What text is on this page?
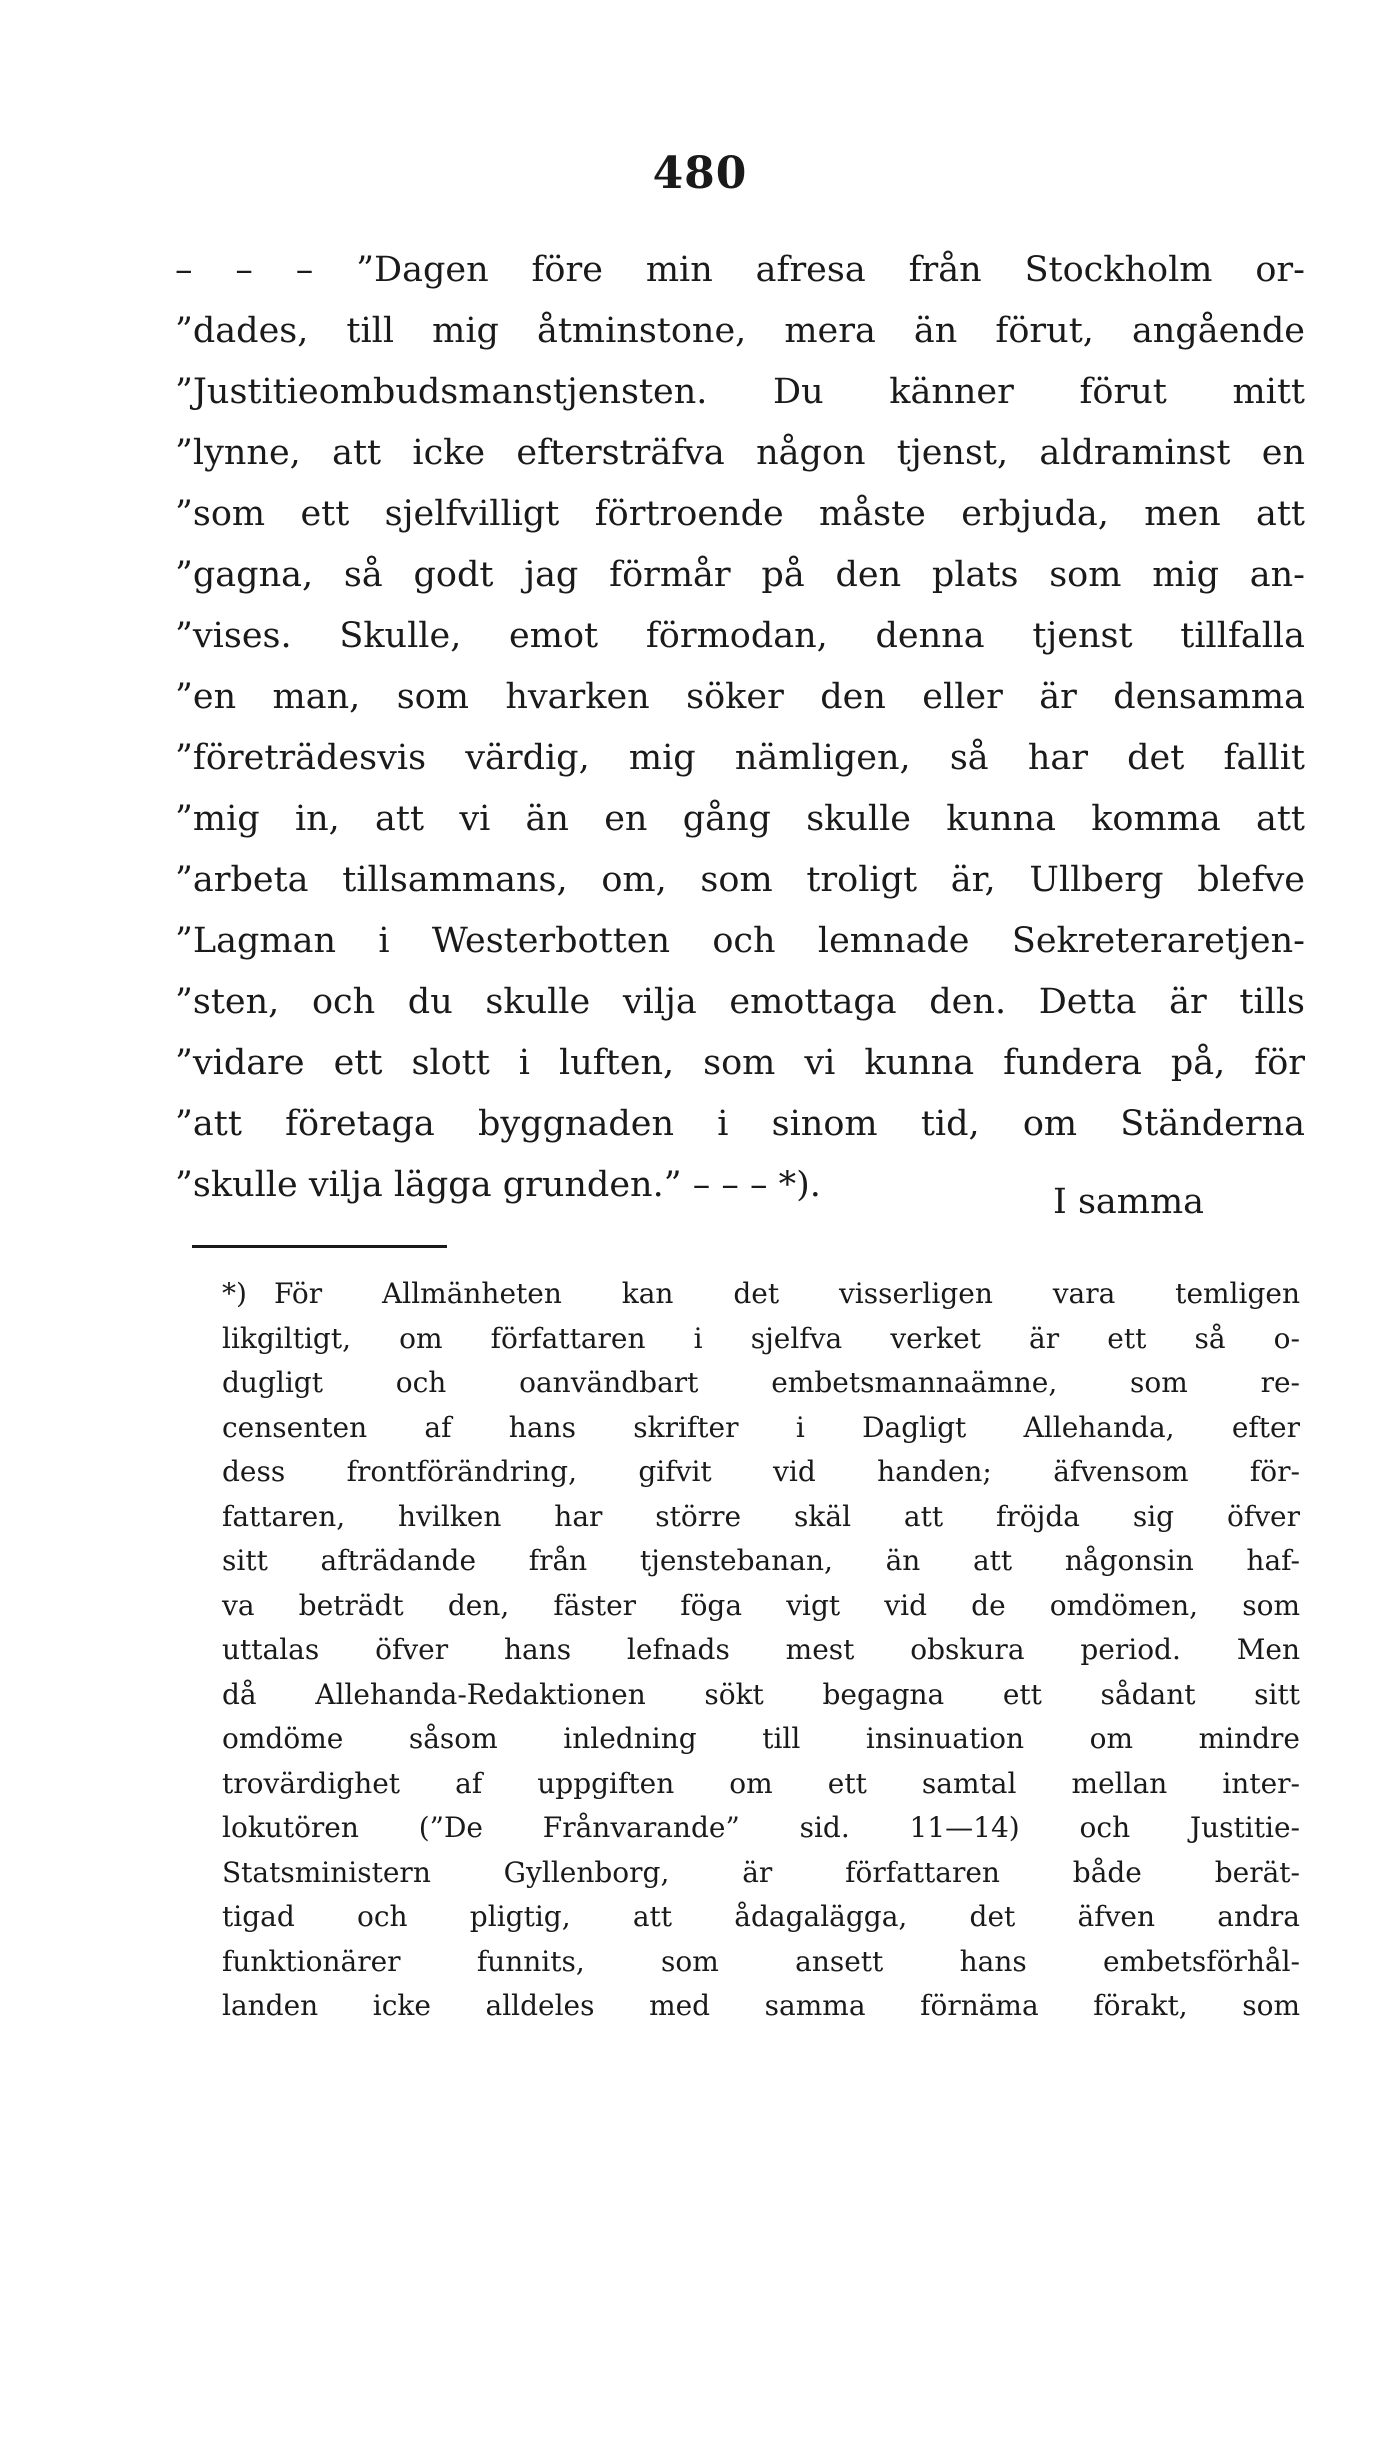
480
– – – ”Dagen före min afresa från Stockholm or-
”dades, till mig åtminstone, mera än förut, angående
”Justitieombudsmanstjensten. Du känner förut mitt
”lynne, att icke eftersträfva någon tjenst, aldraminst en
”som ett sjelfvilligt förtroende måste erbjuda, men att
”gagna, så godt jag förmår på den plats som mig an-
”vises. Skulle, emot förmodan, denna tjenst tillfalla
”en man, som hvarken söker den eller är densamma
”företrädesvis värdig, mig nämligen, så har det fallit
”mig in, att vi än en gång skulle kunna komma att
”arbeta tillsammans, om, som troligt är, Ullberg blefve
”Lagman i Westerbotten och lemnade Sekreteraretjen-
”sten, och du skulle vilja emottaga den. Detta är tills
”vidare ett slott i luften, som vi kunna fundera på, för
”att företaga byggnaden i sinom tid, om Ständerna
”skulle vilja lägga grunden.” – – – *).	I samma
*) För Allmänheten kan det visserligen vara temligen
likgiltigt, om författaren i sjelfva verket är ett så o-
dugligt och oanvändbart embetsmannaämne, som re-
censenten af hans skrifter i Dagligt Allehanda, efter
dess frontförändring, gifvit vid handen; äfvensom för-
fattaren, hvilken har större skäl att fröjda sig öfver
sitt afträdande från tjenstebanan, än att någonsin haf-
va beträdt den, fäster föga vigt vid de omdömen, som
uttalas öfver hans lefnads mest obskura period. Men
då Allehanda-Redaktionen sökt begagna ett sådant sitt
omdöme såsom inledning till insinuation om mindre
trovärdighet af uppgiften om ett samtal mellan inter-
lokutören (”De Frånvarande” sid. 11—14) och Justitie-
Statsministern Gyllenborg, är författaren både berät-
tigad och pligtig, att ådagalägga, det äfven andra
funktionärer funnits, som ansett hans embetsförhål-
landen icke alldeles med samma förnäma förakt, som
